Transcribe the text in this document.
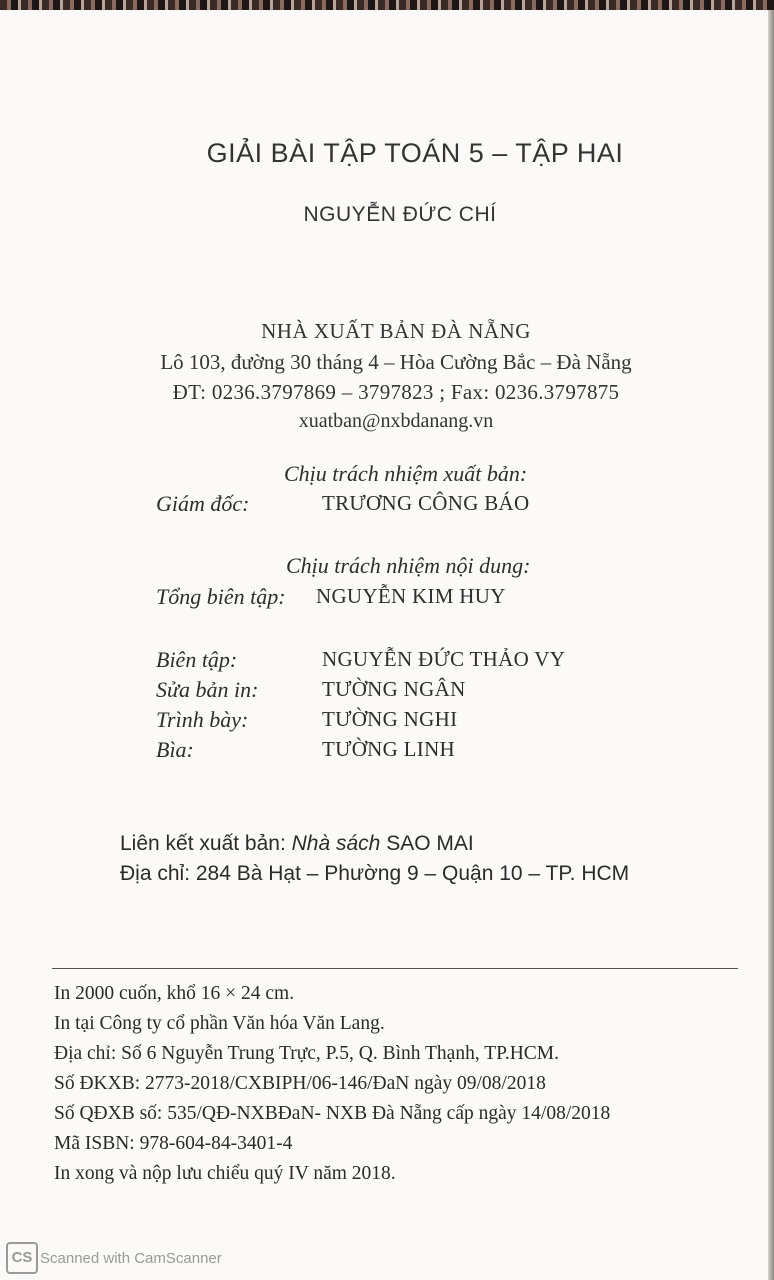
GIẢI BÀI TẬP TOÁN 5 – TẬP HAI
NGUYỄN ĐỨC CHÍ
NHÀ XUẤT BẢN ĐÀ NẴNG
Lô 103, đường 30 tháng 4 – Hòa Cường Bắc – Đà Nẵng
ĐT: 0236.3797869 – 3797823 ; Fax: 0236.3797875
xuatban@nxbdanang.vn
Chịu trách nhiệm xuất bản:
Giám đốc:	TRƯƠNG CÔNG BÁO
Chịu trách nhiệm nội dung:
Tổng biên tập: NGUYỄN KIM HUY
Biên tập:	NGUYỄN ĐỨC THẢO VY
Sửa bản in:	TƯỜNG NGÂN
Trình bày:	TƯỜNG NGHI
Bìa:	TƯỜNG LINH
Liên kết xuất bản: Nhà sách SAO MAI
Địa chỉ: 284 Bà Hạt – Phường 9 – Quận 10 – TP. HCM
In 2000 cuốn, khổ 16 × 24 cm.
In tại Công ty cổ phần Văn hóa Văn Lang.
Địa chỉ: Số 6 Nguyễn Trung Trực, P.5, Q. Bình Thạnh, TP.HCM.
Số ĐKXB: 2773-2018/CXBIPH/06-146/ĐaN ngày 09/08/2018
Số QĐXB số: 535/QĐ-NXBĐaN- NXB Đà Nẵng cấp ngày 14/08/2018
Mã ISBN: 978-604-84-3401-4
In xong và nộp lưu chiểu quý IV năm 2018.
CS Scanned with CamScanner
